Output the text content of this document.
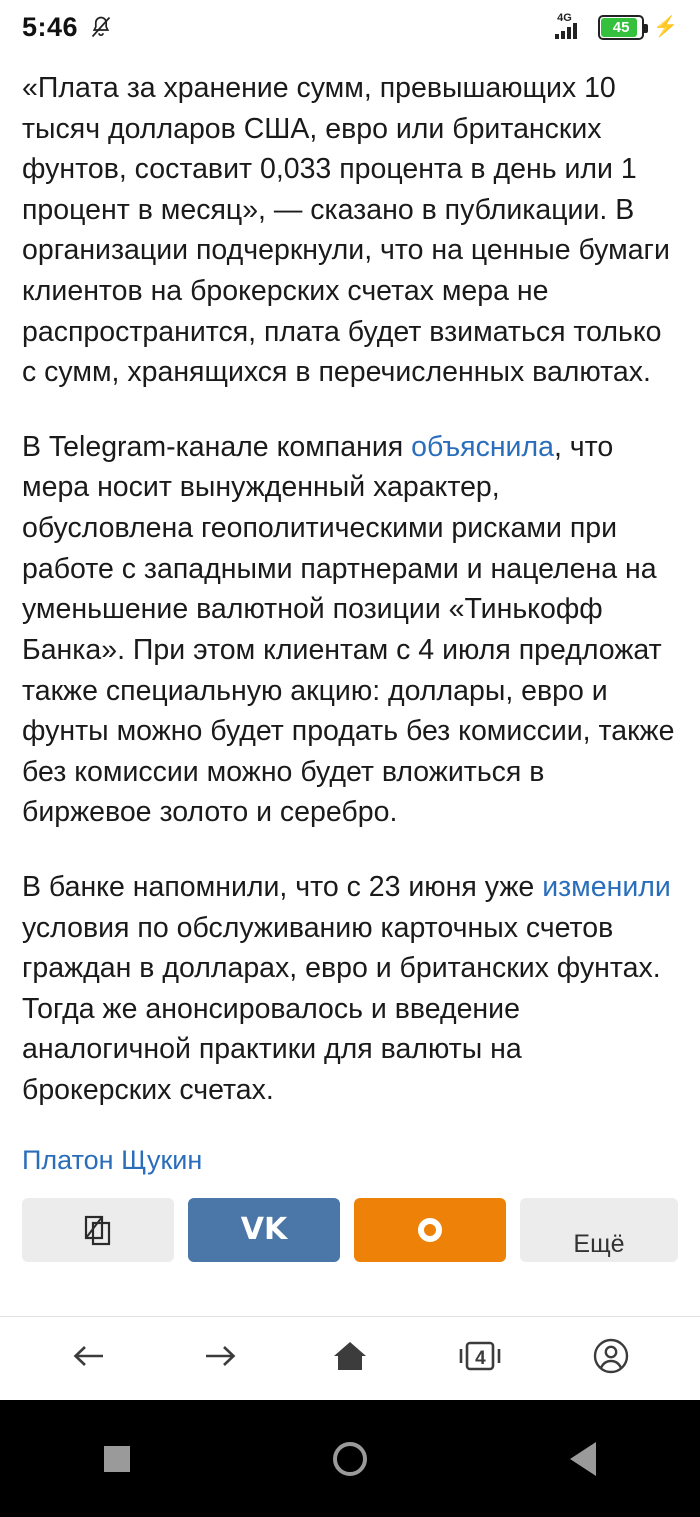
5:46	4G
45 ⚡

«Плата за хранение сумм, превышающих 10 тысяч долларов США, евро или британских фунтов, составит 0,033 процента в день или 1 процент в месяц», — сказано в публикации. В организации подчеркнули, что на ценные бумаги клиентов на брокерских счетах мера не распространится, плата будет взиматься только с сумм, хранящихся в перечисленных валютах.

В Telegram-канале компания объяснила, что мера носит вынужденный характер, обусловлена геополитическими рисками при работе с западными партнерами и нацелена на уменьшение валютной позиции «Тинькофф Банка». При этом клиентам с 4 июля предложат также специальную акцию: доллары, евро и фунты можно будет продать без комиссии, также без комиссии можно будет вложиться в биржевое золото и серебро.

В банке напомнили, что с 23 июня уже изменили условия по обслуживанию карточных счетов граждан в долларах, евро и британских фунтах. Тогда же анонсировалось и введение аналогичной практики для валюты на брокерских счетах.

Платон Щукин
VK	Ещё
4
